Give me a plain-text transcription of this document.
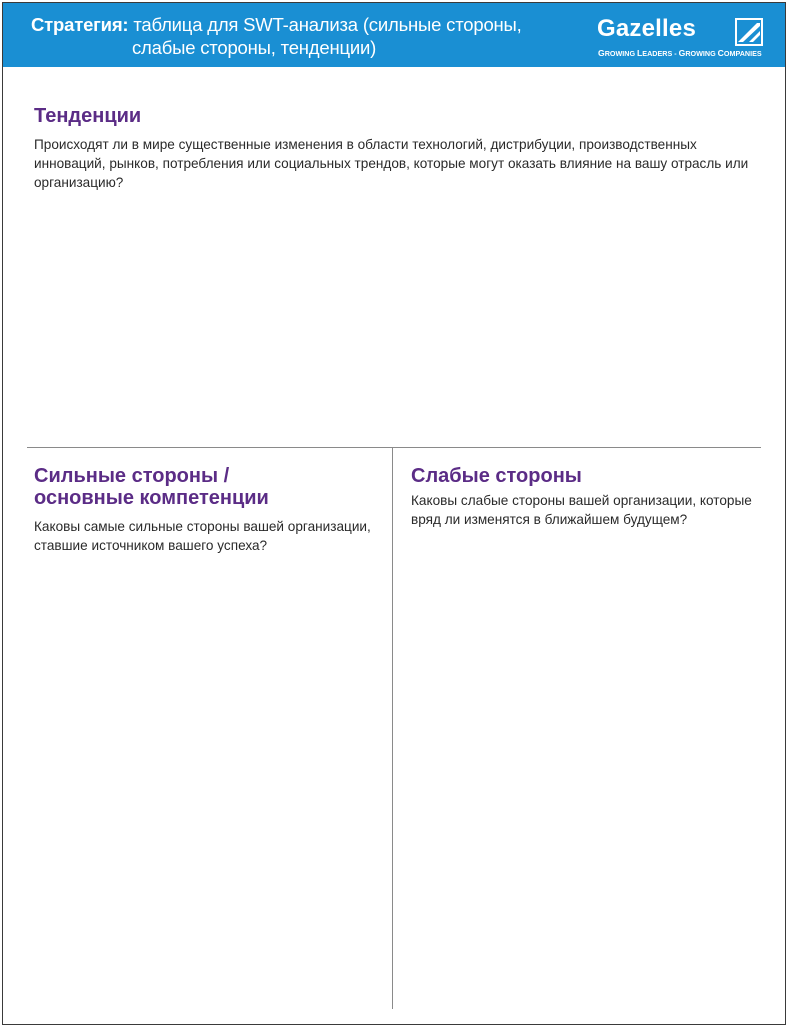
Стратегия: таблица для SWT-анализа (сильные стороны,
слабые стороны, тенденции)
Gazelles
GROWING LEADERS - GROWING COMPANIES
Тенденции

Происходят ли в мире существенные изменения в области технологий, дистрибуции, производственных инноваций, рынков, потребления или социальных трендов, которые могут оказать влияние на вашу отрасль или организацию?

Сильные стороны /
основные компетенции

Каковы самые сильные стороны вашей организации, ставшие источником вашего успеха?

Слабые стороны

Каковы слабые стороны вашей организации, которые вряд ли изменятся в ближайшем будущем?
